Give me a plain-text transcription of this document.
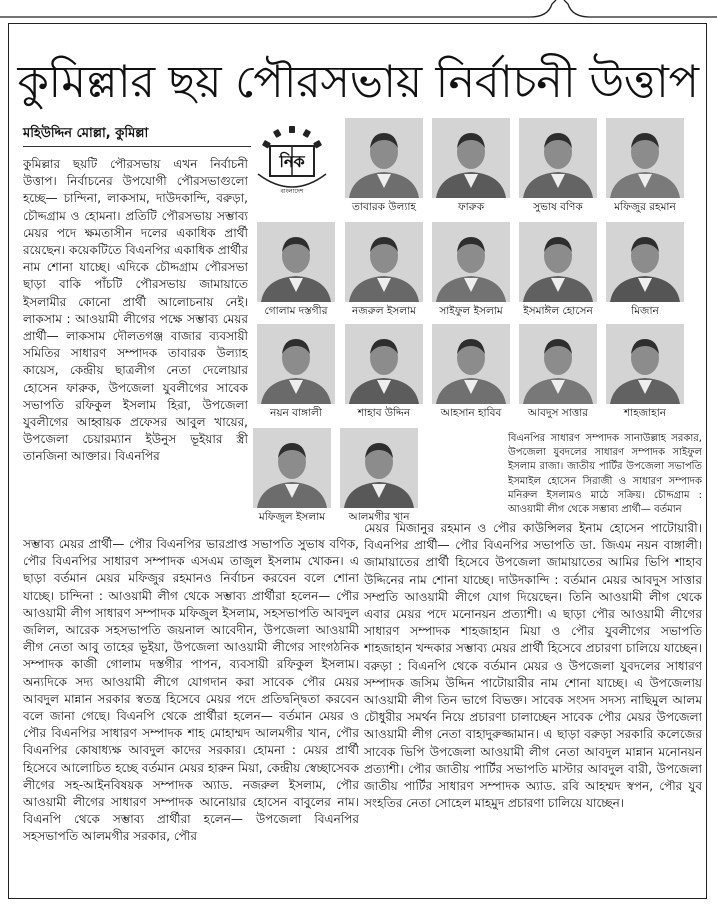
কুমিল্লার ছয় পৌরসভায় নির্বাচনী উত্তাপ
মহিউদ্দিন মোল্লা, কুমিল্লা
নিক
বাংলাদেশ
তাবারক উল্যাহ	ফারুক	সুভাষ বণিক	মফিজুর রহমান
গোলাম দস্তগীর	নজরুল ইসলাম	সাইফুল ইসলাম	ইসমাঈল হোসেন	মিজান
নয়ন বাঙ্গালী	শাহাব উদ্দিন	আহসান হাবিব	আবদুস সাত্তার	শাহজাহান
মফিজুল ইসলাম	আলমগীর খান

কুমিল্লার ছয়টি পৌরসভায় এখন নির্বাচনী উত্তাপ। নির্বাচনের উপযোগী পৌরসভাগুলো হচ্ছে— চান্দিনা, লাকসাম, দাউদকান্দি, বরুড়া, চৌদ্দগ্রাম ও হোমনা। প্রতিটি পৌরসভায় সম্ভাব্য মেয়র পদে ক্ষমতাসীন দলের একাধিক প্রার্থী রয়েছেন। কয়েকটিতে বিএনপির একাধিক প্রার্থীর নাম শোনা যাচ্ছে। এদিকে চৌদ্দগ্রাম পৌরসভা ছাড়া বাকি পাঁচটি পৌরসভায় জামায়াতে ইসলামীর কোনো প্রার্থী আলোচনায় নেই। লাকসাম : আওয়ামী লীগের পক্ষে সম্ভাব্য মেয়র প্রার্থী— লাকসাম দৌলতগঞ্জ বাজার ব্যবসায়ী সমিতির সাধারণ সম্পাদক তাবারক উল্যাহ কায়েস, কেন্দ্রীয় ছাত্রলীগ নেতা দেলোয়ার হোসেন ফারুক, উপজেলা যুবলীগের সাবেক সভাপতি রফিকুল ইসলাম হিরা, উপজেলা যুবলীগের আহ্বায়ক প্রফেসর আবুল খায়ের, উপজেলা চেয়ারম্যান ইউনুস ভূইয়ার স্ত্রী তানজিনা আক্তার। বিএনপির

বিএনপির সাধারণ সম্পাদক সানাউল্লাহ সরকার, উপজেলা যুবদলের সাধারণ সম্পাদক সাইফুল ইসলাম রাজা। জাতীয় পার্টির উপজেলা সভাপতি ইসমাইল হোসেন সিরাজী ও সাধারণ সম্পাদক মনিরুল ইসলামও মাঠে সক্রিয়। চৌদ্দগ্রাম : আওয়ামী লীগ থেকে সম্ভাব্য প্রার্থী— বর্তমান

সম্ভাব্য মেয়র প্রার্থী— পৌর বিএনপির ভারপ্রাপ্ত সভাপতি সুভাষ বণিক, পৌর বিএনপির সাধারণ সম্পাদক এসএম তাজুল ইসলাম খোকন। এ ছাড়া বর্তমান মেয়র মফিজুর রহমানও নির্বাচন করবেন বলে শোনা যাচ্ছে। চান্দিনা : আওয়ামী লীগ থেকে সম্ভাব্য প্রার্থীরা হলেন— পৌর আওয়ামী লীগ সাধারণ সম্পাদক মফিজুল ইসলাম, সহসভাপতি আবদুল জলিল, আরেক সহসভাপতি জয়নাল আবেদীন, উপজেলা আওয়ামী লীগ নেতা আবু তাহের ভূইয়া, উপজেলা আওয়ামী লীগের সাংগঠনিক সম্পাদক কাজী গোলাম দস্তগীর পাপন, ব্যবসায়ী রফিকুল ইসলাম। অন্যদিকে সদ্য আওয়ামী লীগে যোগদান করা সাবেক পৌর মেয়র আবদুল মান্নান সরকার স্বতন্ত্র হিসেবে মেয়র পদে প্রতিদ্বন্দ্বিতা করবেন বলে জানা গেছে। বিএনপি থেকে প্রার্থীরা হলেন— বর্তমান মেয়র ও পৌর বিএনপির সাধারণ সম্পাদক শাহ মোহাম্মদ আলমগীর খান, পৌর বিএনপির কোষাধ্যক্ষ আবদুল কাদের সরকার। হোমনা : মেয়র প্রার্থী হিসেবে আলোচিত হচ্ছে বর্তমান মেয়র হারুন মিয়া, কেন্দ্রীয় স্বেচ্ছাসেবক লীগের সহ-আইনবিষয়ক সম্পাদক অ্যাড. নজরুল ইসলাম, পৌর আওয়ামী লীগের সাধারণ সম্পাদক আনোয়ার হোসেন বাবুলের নাম। বিএনপি থেকে সম্ভাব্য প্রার্থীরা হলেন— উপজেলা বিএনপির সহসভাপতি আলমগীর সরকার, পৌর

মেয়র মিজানুর রহমান ও পৌর কাউন্সিলর ইনাম হোসেন পাটোয়ারী। বিএনপির প্রার্থী— পৌর বিএনপির সভাপতি ডা. জিএম নয়ন বাঙ্গালী। জামায়াতের প্রার্থী হিসেবে উপজেলা জামায়াতের আমির ভিপি শাহাব উদ্দিনের নাম শোনা যাচ্ছে। দাউদকান্দি : বর্তমান মেয়র আবদুস সাত্তার সম্প্রতি আওয়ামী লীগে যোগ দিয়েছেন। তিনি আওয়ামী লীগ থেকে এবার মেয়র পদে মনোনয়ন প্রত্যাশী। এ ছাড়া পৌর আওয়ামী লীগের সাধারণ সম্পাদক শাহজাহান মিয়া ও পৌর যুবলীগের সভাপতি শাহজাহান খন্দকার সম্ভাব্য মেয়র প্রার্থী হিসেবে প্রচারণা চালিয়ে যাচ্ছেন। বরুড়া : বিএনপি থেকে বর্তমান মেয়র ও উপজেলা যুবদলের সাধারণ সম্পাদক জসিম উদ্দিন পাটোয়ারীর নাম শোনা যাচ্ছে। এ উপজেলায় আওয়ামী লীগ তিন ভাগে বিভক্ত। সাবেক সংসদ সদস্য নাছিমুল আলম চৌধুরীর সমর্থন নিয়ে প্রচারণা চালাচ্ছেন সাবেক পৌর মেয়র উপজেলা আওয়ামী লীগ নেতা বাহাদুরুজ্জামান। এ ছাড়া বরুড়া সরকারি কলেজের সাবেক ভিপি উপজেলা আওয়ামী লীগ নেতা আবদুল মান্নান মনোনয়ন প্রত্যাশী। পৌর জাতীয় পার্টির সভাপতি মাস্টার আবদুল বারী, উপজেলা জাতীয় পার্টির সাধারণ সম্পাদক অ্যাড. রবি আহম্মদ স্বপন, পৌর যুব সংহতির নেতা সোহেল মাহমুদ প্রচারণা চালিয়ে যাচ্ছেন।
